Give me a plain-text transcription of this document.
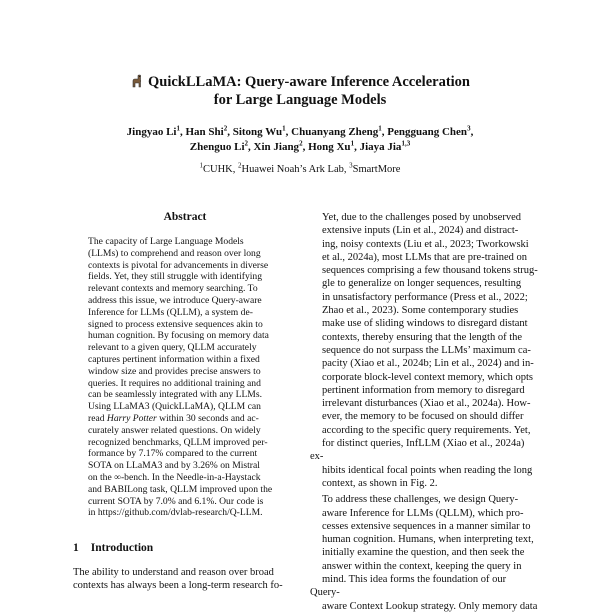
QuickLLaMA: Query-aware Inference Acceleration
for Large Language Models
Jingyao Li$^1$, Han Shi$^2$, Sitong Wu$^1$, Chuanyang Zheng$^1$, Pengguang Chen$^3$,
Zhenguo Li$^2$, Xin Jiang$^2$, Hong Xu$^1$, Jiaya Jia$^{1,3}$
$^1$CUHK, $^2$Huawei Noah’s Ark Lab, $^3$SmartMore
Abstract
The capacity of Large Language Models
(LLMs) to comprehend and reason over long
contexts is pivotal for advancements in diverse
fields. Yet, they still struggle with identifying
relevant contexts and memory searching. To
address this issue, we introduce Query-aware
Inference for LLMs (QLLM), a system de-
signed to process extensive sequences akin to
human cognition. By focusing on memory data
relevant to a given query, QLLM accurately
captures pertinent information within a fixed
window size and provides precise answers to
queries. It requires no additional training and
can be seamlessly integrated with any LLMs.
Using LLaMA3 (QuickLLaMA), QLLM can
read Harry Potter within 30 seconds and ac-
curately answer related questions. On widely
recognized benchmarks, QLLM improved per-
formance by 7.17% compared to the current
SOTA on LLaMA3 and by 3.26% on Mistral
on the ∞-bench. In the Needle-in-a-Haystack
and BABILong task, QLLM improved upon the
current SOTA by 7.0% and 6.1%. Our code is
in https://github.com/dvlab-research/Q-LLM.
1 Introduction
The ability to understand and reason over broad
contexts has always been a long-term research fo-

Yet, due to the challenges posed by unobserved
extensive inputs (Lin et al., 2024) and distract-
ing, noisy contexts (Liu et al., 2023; Tworkowski
et al., 2024a), most LLMs that are pre-trained on
sequences comprising a few thousand tokens strug-
gle to generalize on longer sequences, resulting
in unsatisfactory performance (Press et al., 2022;
Zhao et al., 2023). Some contemporary studies
make use of sliding windows to disregard distant
contexts, thereby ensuring that the length of the
sequence do not surpass the LLMs’ maximum ca-
pacity (Xiao et al., 2024b; Lin et al., 2024) and in-
corporate block-level context memory, which opts
pertinent information from memory to disregard
irrelevant disturbances (Xiao et al., 2024a). How-
ever, the memory to be focused on should differ
according to the specific query requirements. Yet,
for distinct queries, InfLLM (Xiao et al., 2024a) ex-
hibits identical focal points when reading the long
context, as shown in Fig. 2.

To address these challenges, we design Query-
aware Inference for LLMs (QLLM), which pro-
cesses extensive sequences in a manner similar to
human cognition. Humans, when interpreting text,
initially examine the question, and then seek the
answer within the context, keeping the query in
mind. This idea forms the foundation of our Query-
aware Context Lookup strategy. Only memory data
